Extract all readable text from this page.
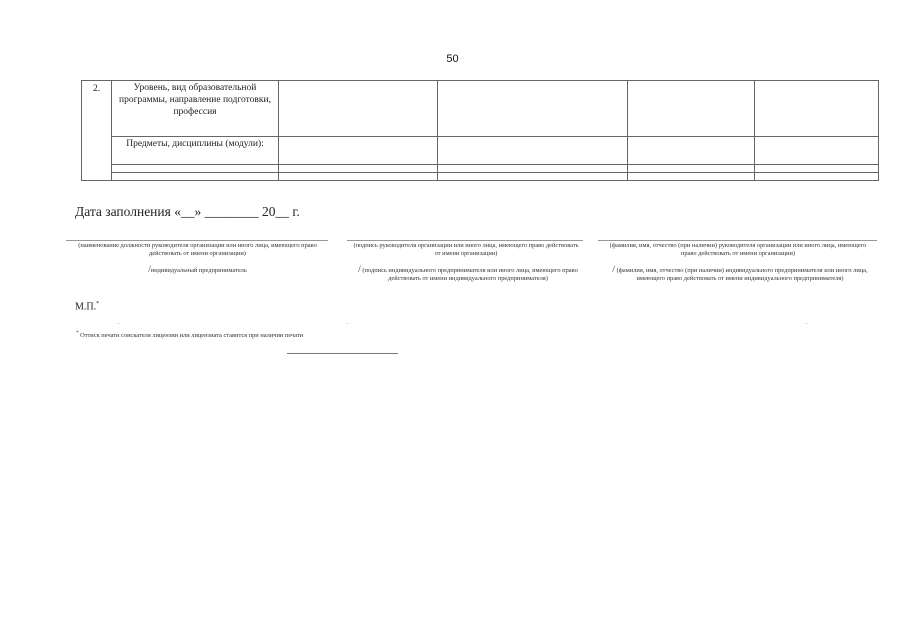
50
2.	Уровень, вид образовательной программы, направление подготовки, профессия				
	Предметы, дисциплины (модули):				

Дата заполнения «__» ________ 20__ г.
(наименование должности руководителя организации или иного лица, имеющего право действовать от имени организации)
/индивидуальный предприниматель
(подпись руководителя организации или иного лица, имеющего право действовать от имени организации)
/ (подпись индивидуального предпринимателя или иного лица, имеющего право действовать от имени индивидуального предпринимателя)
(фамилия, имя, отчество (при наличии) руководителя организации или иного лица, имеющего право действовать от имени организации)
/ (фамилия, имя, отчество (при наличии) индивидуального предпринимателя или иного лица, имеющего право действовать от имени индивидуального предпринимателя)
М.П.*
* Оттиск печати соискателя лицензии или лицензиата ставится при наличии печати
